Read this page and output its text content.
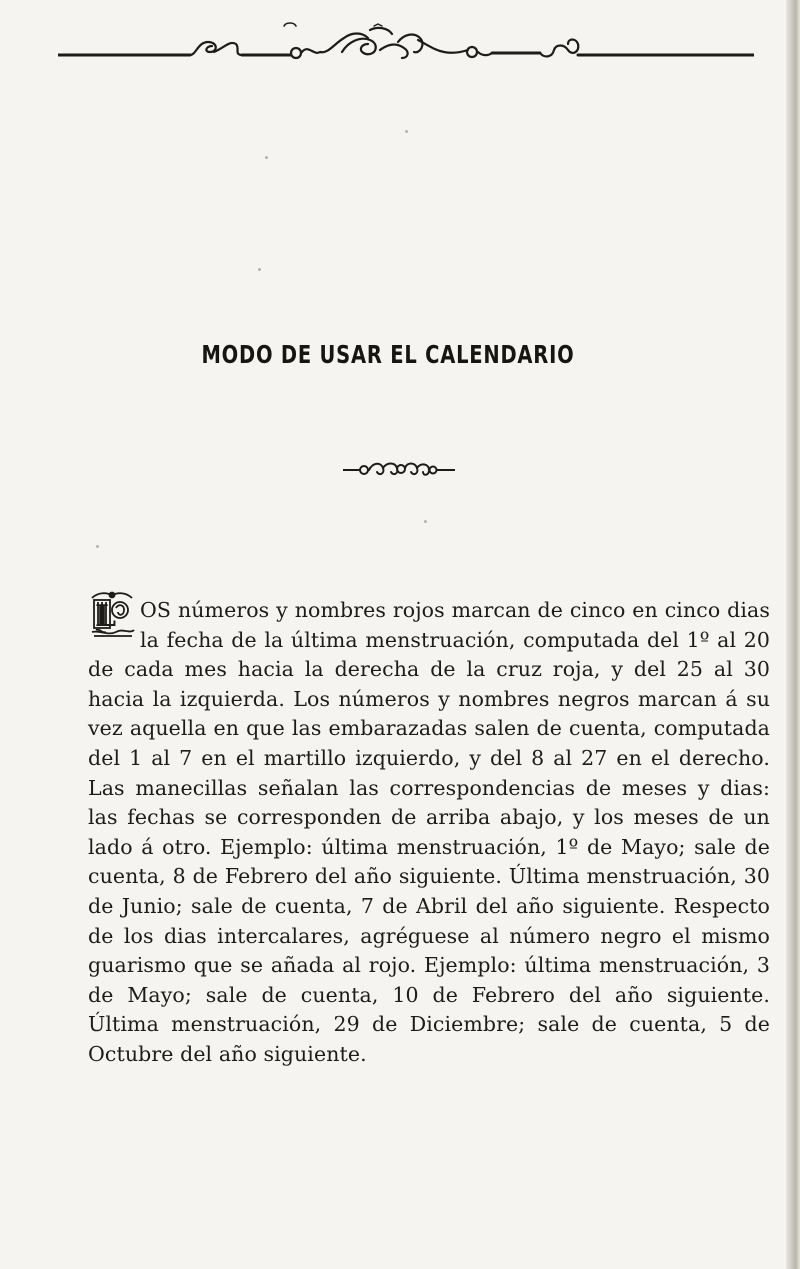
MODO DE USAR EL CALENDARIO
L	OS números y nombres rojos marcan de cinco en cinco dias la fecha de la última menstruación, computada del 1º al 20 de cada mes hacia la derecha de la cruz roja, y del 25 al 30 hacia la izquierda. Los números y nombres negros marcan á su vez aquella en que las embarazadas salen de cuenta, computada del 1 al 7 en el martillo izquierdo, y del 8 al 27 en el derecho. Las manecillas señalan las correspondencias de meses y dias: las fechas se corresponden de arriba abajo, y los meses de un lado á otro. Ejemplo: última menstruación, 1º de Mayo; sale de cuenta, 8 de Febrero del año siguiente. Última menstruación, 30 de Junio; sale de cuenta, 7 de Abril del año siguiente. Respecto de los dias intercalares, agréguese al número negro el mismo guarismo que se añada al rojo. Ejemplo: última menstruación, 3 de Mayo; sale de cuenta, 10 de Febrero del año siguiente. Última menstruación, 29 de Diciembre; sale de cuenta, 5 de Octubre del año siguiente.
